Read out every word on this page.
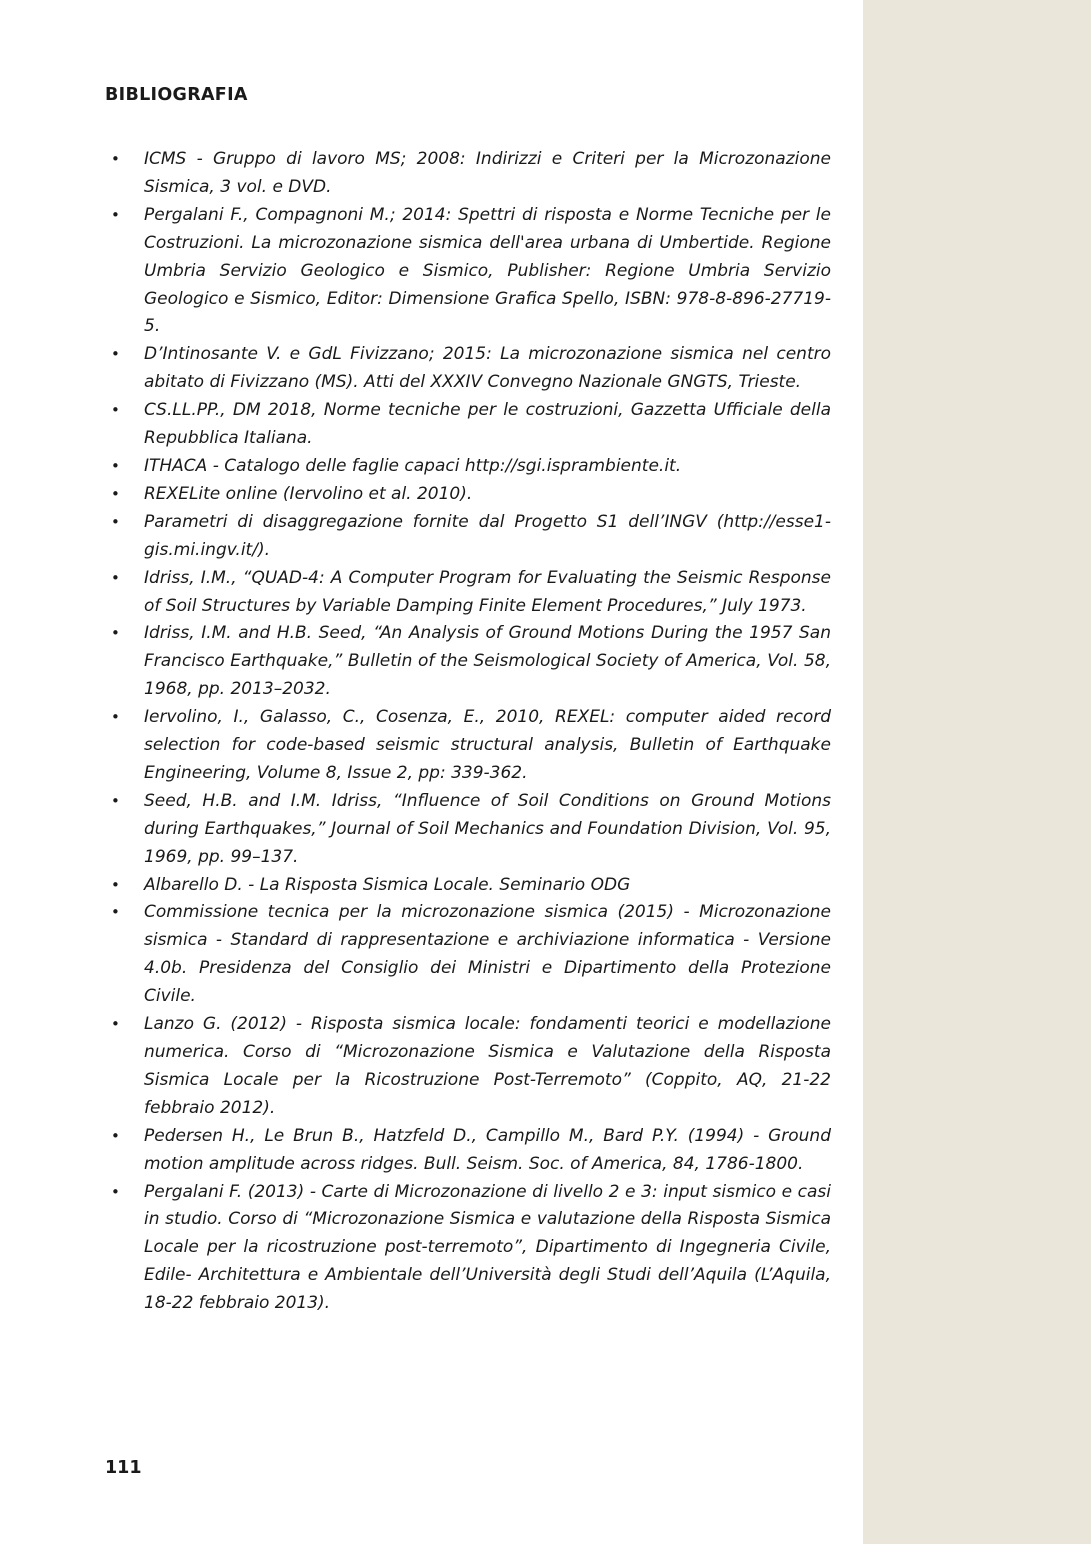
BIBLIOGRAFIA
• ICMS - Gruppo di lavoro MS; 2008: Indirizzi e Criteri per la Microzonazione Sismica, 3 vol. e DVD.
• Pergalani F., Compagnoni M.; 2014: Spettri di risposta e Norme Tecniche per le Costruzioni. La microzonazione sismica dell'area urbana di Umbertide. Regione Umbria Servizio Geologico e Sismico, Publisher: Regione Umbria Servizio Geologico e Sismico, Editor: Dimensione Grafica Spello, ISBN: 978-8-896-27719-5.
• D’Intinosante V. e GdL Fivizzano; 2015: La microzonazione sismica nel centro abitato di Fivizzano (MS). Atti del XXXIV Convegno Nazionale GNGTS, Trieste.
• CS.LL.PP., DM 2018, Norme tecniche per le costruzioni, Gazzetta Ufficiale della Repubblica Italiana.
• ITHACA - Catalogo delle faglie capaci http://sgi.isprambiente.it.
• REXELite online (Iervolino et al. 2010).
• Parametri di disaggregazione fornite dal Progetto S1 dell’INGV (http://esse1-gis.mi.ingv.it/).
• Idriss, I.M., “QUAD-4: A Computer Program for Evaluating the Seismic Response of Soil Structures by Variable Damping Finite Element Procedures,” July 1973.
• Idriss, I.M. and H.B. Seed, “An Analysis of Ground Motions During the 1957 San Francisco Earthquake,” Bulletin of the Seismological Society of America, Vol. 58, 1968, pp. 2013–2032.
• Iervolino, I., Galasso, C., Cosenza, E., 2010, REXEL: computer aided record selection for code-based seismic structural analysis, Bulletin of Earthquake Engineering, Volume 8, Issue 2, pp: 339-362.
• Seed, H.B. and I.M. Idriss, “Influence of Soil Conditions on Ground Motions during Earthquakes,” Journal of Soil Mechanics and Foundation Division, Vol. 95, 1969, pp. 99–137.
• Albarello D. - La Risposta Sismica Locale. Seminario ODG
• Commissione tecnica per la microzonazione sismica (2015) - Microzonazione sismica - Standard di rappresentazione e archiviazione informatica - Versione 4.0b. Presidenza del Consiglio dei Ministri e Dipartimento della Protezione Civile.
• Lanzo G. (2012) - Risposta sismica locale: fondamenti teorici e modellazione numerica. Corso di “Microzonazione Sismica e Valutazione della Risposta Sismica Locale per la Ricostruzione Post-Terremoto” (Coppito, AQ, 21-22 febbraio 2012).
• Pedersen H., Le Brun B., Hatzfeld D., Campillo M., Bard P.Y. (1994) - Ground motion amplitude across ridges. Bull. Seism. Soc. of America, 84, 1786-1800.
• Pergalani F. (2013) - Carte di Microzonazione di livello 2 e 3: input sismico e casi in studio. Corso di “Microzonazione Sismica e valutazione della Risposta Sismica Locale per la ricostruzione post-terremoto”, Dipartimento di Ingegneria Civile, Edile- Architettura e Ambientale dell’Università degli Studi dell’Aquila (L’Aquila, 18-22 febbraio 2013).
111
